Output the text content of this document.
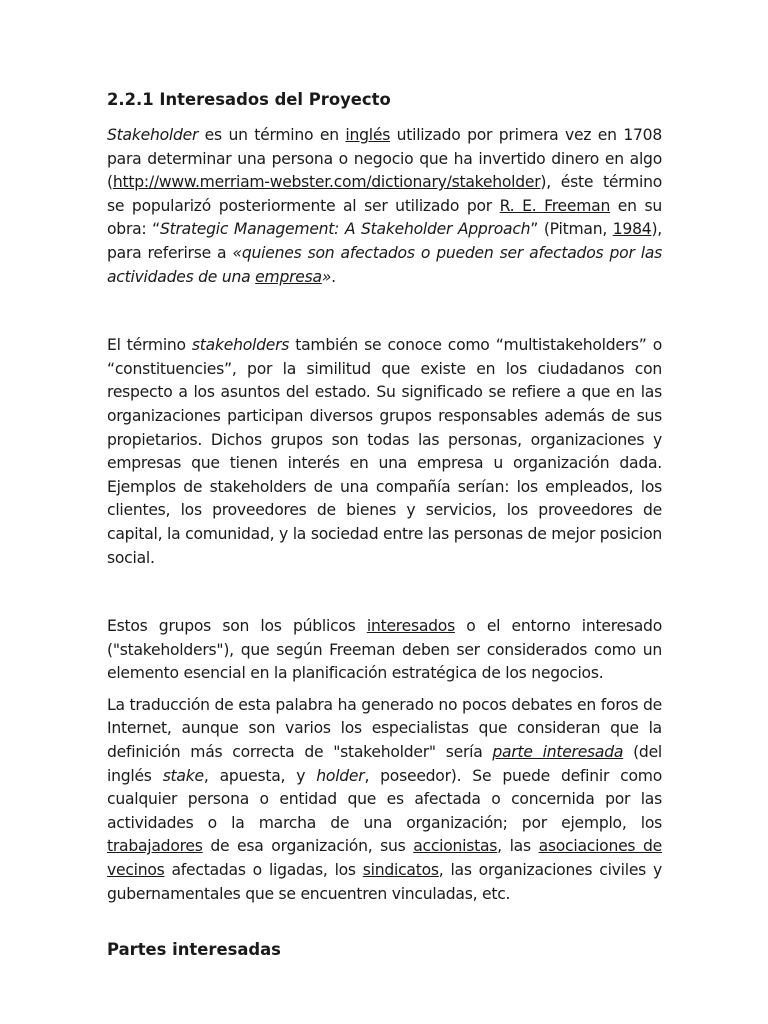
2.2.1 Interesados del Proyecto

Stakeholder es un término en inglés utilizado por primera vez en 1708 para determinar una persona o negocio que ha invertido dinero en algo (http://www.merriam-webster.com/dictionary/stakeholder), éste término se popularizó posteriormente al ser utilizado por R. E. Freeman en su obra: “Strategic Management: A Stakeholder Approach” (Pitman, 1984), para referirse a «quienes son afectados o pueden ser afectados por las actividades de una empresa».

El término stakeholders también se conoce como “multistakeholders” o “constituencies”, por la similitud que existe en los ciudadanos con respecto a los asuntos del estado. Su significado se refiere a que en las organizaciones participan diversos grupos responsables además de sus propietarios. Dichos grupos son todas las personas, organizaciones y empresas que tienen interés en una empresa u organización dada. Ejemplos de stakeholders de una compañía serían: los empleados, los clientes, los proveedores de bienes y servicios, los proveedores de capital, la comunidad, y la sociedad entre las personas de mejor posicion social.

Estos grupos son los públicos interesados o el entorno interesado ("stakeholders"), que según Freeman deben ser considerados como un elemento esencial en la planificación estratégica de los negocios.

La traducción de esta palabra ha generado no pocos debates en foros de Internet, aunque son varios los especialistas que consideran que la definición más correcta de "stakeholder" sería parte interesada (del inglés stake, apuesta, y holder, poseedor). Se puede definir como cualquier persona o entidad que es afectada o concernida por las actividades o la marcha de una organización; por ejemplo, los trabajadores de esa organización, sus accionistas, las asociaciones de vecinos afectadas o ligadas, los sindicatos, las organizaciones civiles y gubernamentales que se encuentren vinculadas, etc.

Partes interesadas
